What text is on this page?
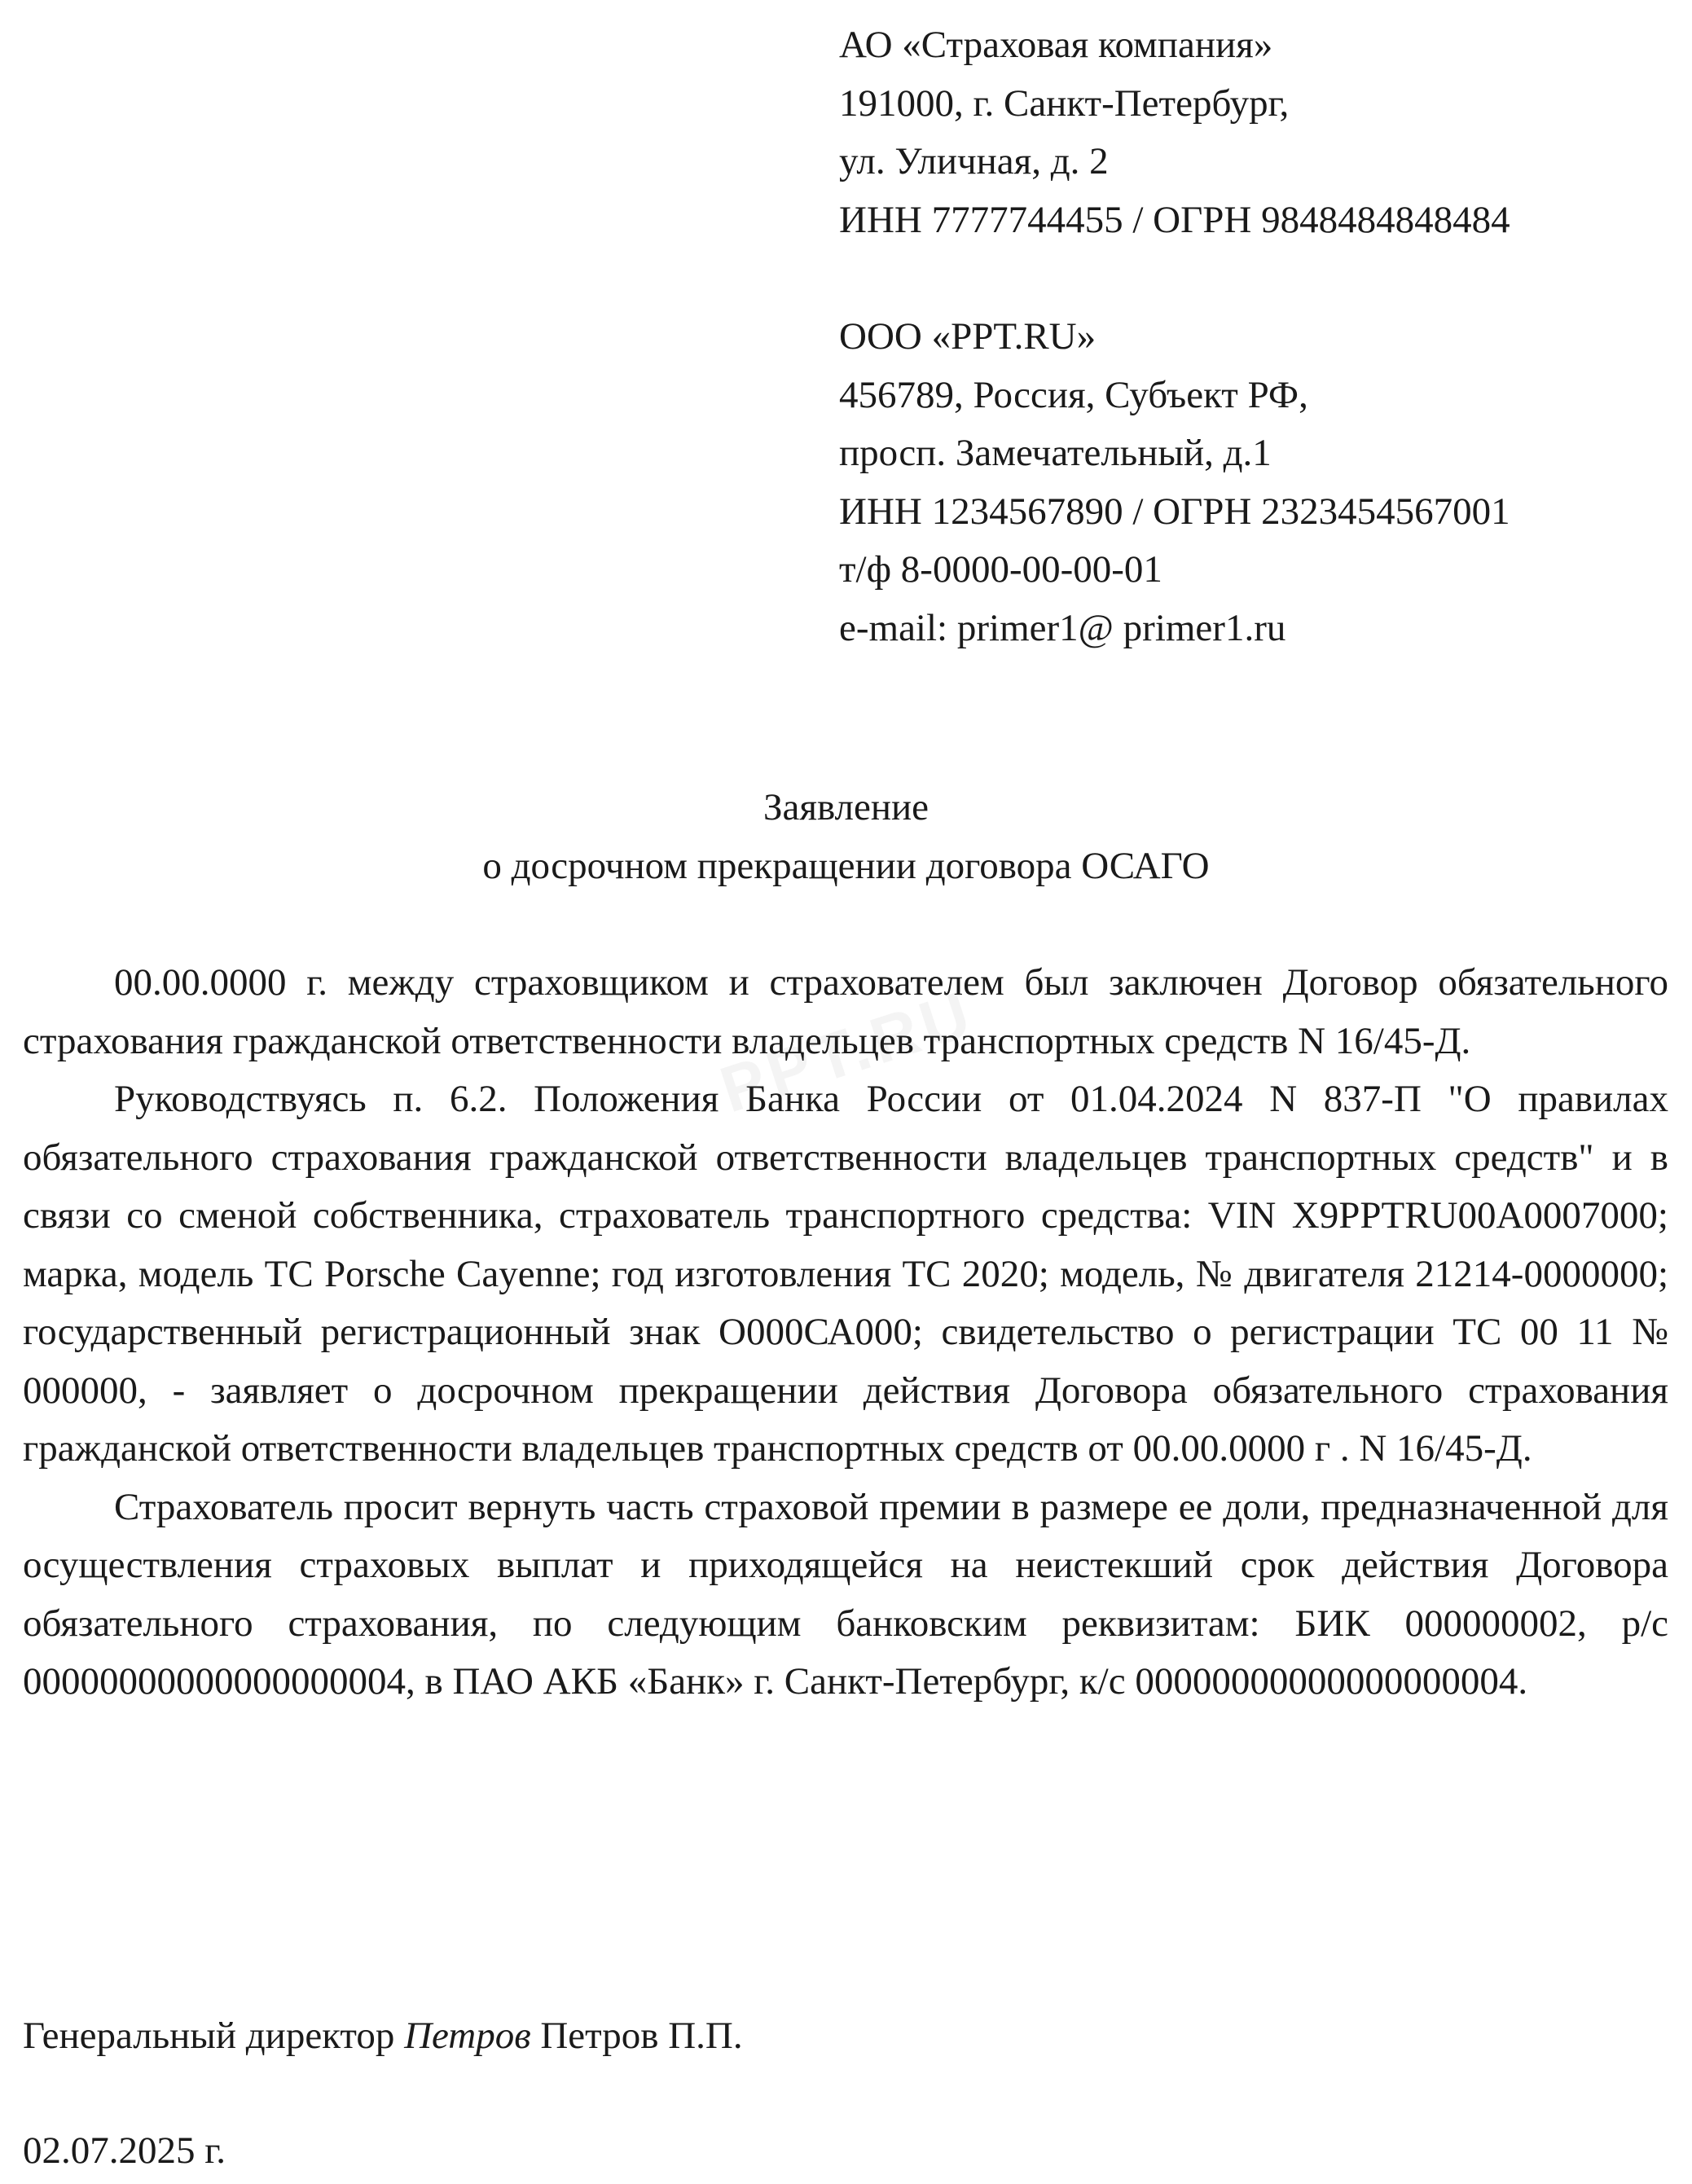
АО «Страховая компания»
191000, г. Санкт-Петербург,
ул. Уличная, д. 2
ИНН 7777744455 / ОГРН 9848484848484
ООО «PPT.RU»
456789, Россия, Субъект РФ,
просп. Замечательный, д.1
ИНН 1234567890 / ОГРН 2323454567001
т/ф 8-0000-00-00-01
e-mail: primer1@ primer1.ru
Заявление
о досрочном прекращении договора ОСАГО

00.00.0000 г. между страховщиком и страхователем был заключен Договор обязательного страхования гражданской ответственности владельцев транспортных средств N 16/45-Д.

Руководствуясь п. 6.2. Положения Банка России от 01.04.2024 N 837-П "О правилах обязательного страхования гражданской ответственности владельцев транспортных средств" и в связи со сменой собственника, страхователь транспортного средства: VIN X9PPTRU00A0007000; марка, модель ТС Porsche Cayenne; год изготовления ТС 2020; модель, № двигателя 21214-0000000; государственный регистрационный знак О000СА000; свидетельство о регистрации ТС 00 11 № 000000, - заявляет о досрочном прекращении действия Договора обязательного страхования гражданской ответственности владельцев транспортных средств от 00.00.0000 г . N 16/45-Д.

Страхователь просит вернуть часть страховой премии в размере ее доли, предназначенной для осуществления страховых выплат и приходящейся на неистекший срок действия Договора обязательного страхования, по следующим банковским реквизитам: БИК 000000002, р/с 00000000000000000004, в ПАО АКБ «Банк» г. Санкт-Петербург, к/с 00000000000000000004.

Генеральный директор Петров Петров П.П.
02.07.2025 г.
